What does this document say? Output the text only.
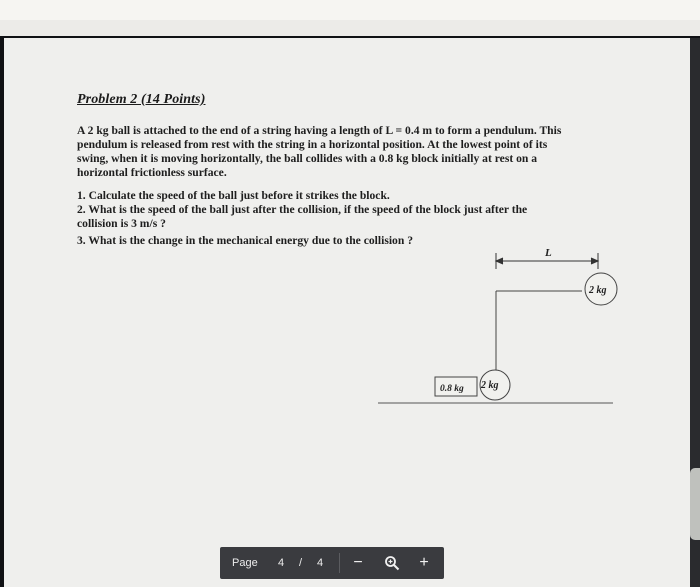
Problem 2 (14 Points)
A 2 kg ball is attached to the end of a string having a length of L = 0.4 m to form a pendulum. This
pendulum is released from rest with the string in a horizontal position. At the lowest point of its
swing, when it is moving horizontally, the ball collides with a 0.8 kg block initially at rest on a
horizontal frictionless surface.
1. Calculate the speed of the ball just before it strikes the block.
2. What is the speed of the ball just after the collision, if the speed of the block just after the
collision is 3 m/s ?
3. What is the change in the mechanical energy due to the collision ?
L
2 kg
0.8 kg 2 kg
Page 4 / 4	−	+
